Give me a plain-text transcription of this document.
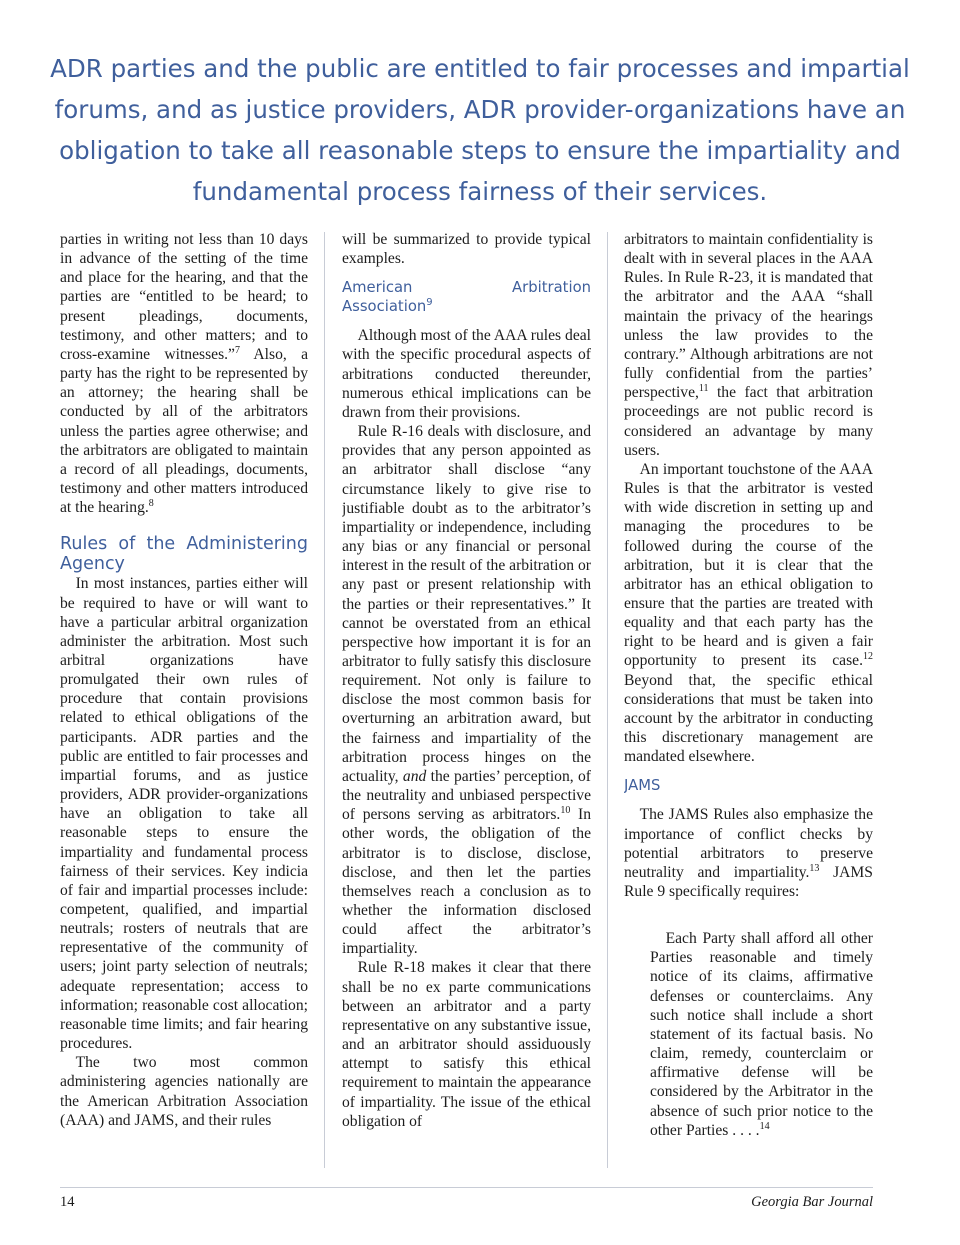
ADR parties and the public are entitled to fair processes and impartial forums, and as justice providers, ADR provider-organizations have an obligation to take all reasonable steps to ensure the impartiality and fundamental process fairness of their services.

parties in writing not less than 10 days in advance of the setting of the time and place for the hearing, and that the parties are “entitled to be heard; to present pleadings, documents, testimony, and other matters; and to cross-examine witnesses.”$^7$ Also, a party has the right to be represented by an attorney; the hearing shall be conducted by all of the arbitrators unless the parties agree otherwise; and the arbitrators are obligated to maintain a record of all pleadings, documents, testimony and other matters introduced at the hearing.$^8$

Rules of the Administering Agency

In most instances, parties either will be required to have or will want to have a particular arbitral organization administer the arbitration. Most such arbitral organizations have promulgated their own rules of procedure that contain provisions related to ethical obligations of the participants. ADR parties and the public are entitled to fair processes and impartial forums, and as justice providers, ADR provider-organizations have an obligation to take all reasonable steps to ensure the impartiality and fundamental process fairness of their services. Key indicia of fair and impartial processes include: competent, qualified, and impartial neutrals; rosters of neutrals that are representative of the community of users; joint party selection of neutrals; adequate representation; access to information; reasonable cost allocation; reasonable time limits; and fair hearing procedures.

The two most common administering agencies nationally are the American Arbitration Association (AAA) and JAMS, and their rules

will be summarized to provide typical examples.

American Arbitration Association$^9$

Although most of the AAA rules deal with the specific procedural aspects of arbitrations conducted thereunder, numerous ethical implications can be drawn from their provisions.

Rule R-16 deals with disclosure, and provides that any person appointed as an arbitrator shall disclose “any circumstance likely to give rise to justifiable doubt as to the arbitrator’s impartiality or independence, including any bias or any financial or personal interest in the result of the arbitration or any past or present relationship with the parties or their representatives.” It cannot be overstated from an ethical perspective how important it is for an arbitrator to fully satisfy this disclosure requirement. Not only is failure to disclose the most common basis for overturning an arbitration award, but the fairness and impartiality of the arbitration process hinges on the actuality, and the parties’ perception, of the neutrality and unbiased perspective of persons serving as arbitrators.$^{10}$ In other words, the obligation of the arbitrator is to disclose, disclose, disclose, and then let the parties themselves reach a conclusion as to whether the information disclosed could affect the arbitrator’s impartiality.

Rule R-18 makes it clear that there shall be no ex parte communications between an arbitrator and a party representative on any substantive issue, and an arbitrator should assiduously attempt to satisfy this ethical requirement to maintain the appearance of impartiality. The issue of the ethical obligation of

arbitrators to maintain confidentiality is dealt with in several places in the AAA Rules. In Rule R-23, it is mandated that the arbitrator and the AAA “shall maintain the privacy of the hearings unless the law provides to the contrary.” Although arbitrations are not fully confidential from the parties’ perspective,$^{11}$ the fact that arbitration proceedings are not public record is considered an advantage by many users.

An important touchstone of the AAA Rules is that the arbitrator is vested with wide discretion in setting up and managing the procedures to be followed during the course of the arbitration, but it is clear that the arbitrator has an ethical obligation to ensure that the parties are treated with equality and that each party has the right to be heard and is given a fair opportunity to present its case.$^{12}$ Beyond that, the specific ethical considerations that must be taken into account by the arbitrator in conducting this discretionary management are mandated elsewhere.

JAMS

The JAMS Rules also emphasize the importance of conflict checks by potential arbitrators to preserve neutrality and impartiality.$^{13}$ JAMS Rule 9 specifically requires:

Each Party shall afford all other Parties reasonable and timely notice of its claims, affirmative defenses or counterclaims. Any such notice shall include a short statement of its factual basis. No claim, remedy, counterclaim or affirmative defense will be considered by the Arbitrator in the absence of such prior notice to the other Parties . . . .$^{14}$

14	Georgia Bar Journal
